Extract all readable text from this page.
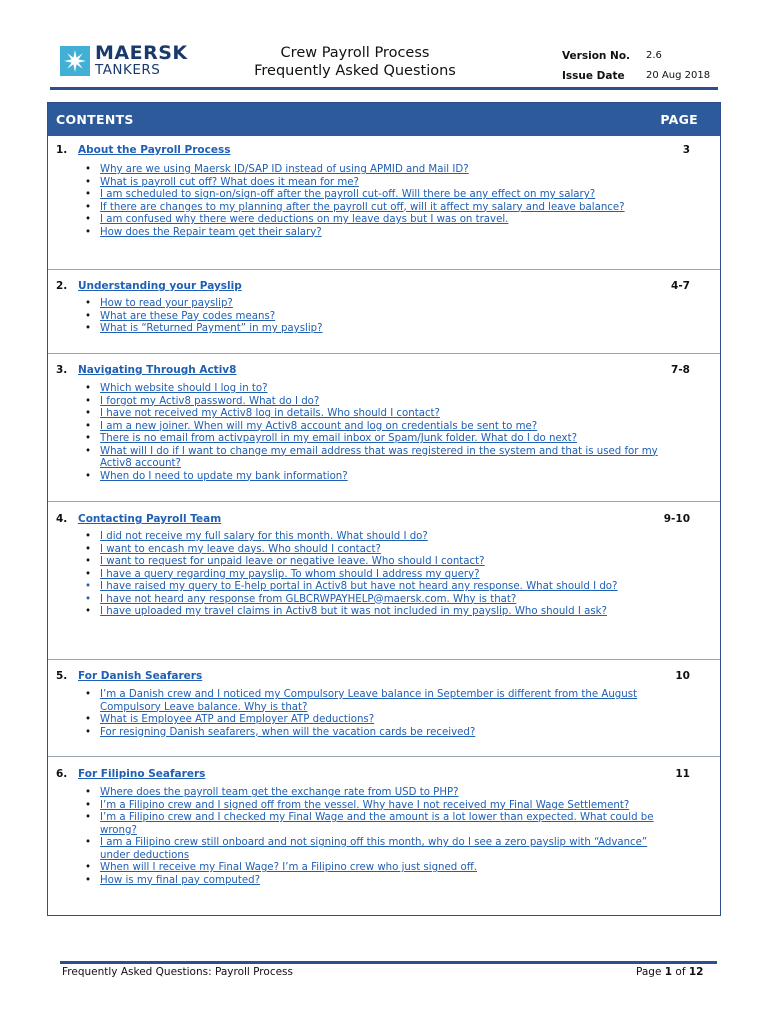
MAERSK
TANKERS
Crew Payroll Process
Frequently Asked Questions
Version No.	2.6
Issue Date	20 Aug 2018
CONTENTS	PAGE
1. About the Payroll Process	3
• Why are we using Maersk ID/SAP ID instead of using APMID and Mail ID?
• What is payroll cut off? What does it mean for me?
• I am scheduled to sign-on/sign-off after the payroll cut-off. Will there be any effect on my salary?
• If there are changes to my planning after the payroll cut off, will it affect my salary and leave balance?
• I am confused why there were deductions on my leave days but I was on travel.
• How does the Repair team get their salary?
2. Understanding your Payslip	4-7
• How to read your payslip?
• What are these Pay codes means?
• What is “Returned Payment” in my payslip?
3. Navigating Through Activ8	7-8
• Which website should I log in to?
• I forgot my Activ8 password. What do I do?
• I have not received my Activ8 log in details. Who should I contact?
• I am a new joiner. When will my Activ8 account and log on credentials be sent to me?
• There is no email from activpayroll in my email inbox or Spam/Junk folder. What do I do next?
• What will I do if I want to change my email address that was registered in the system and that is used for my Activ8 account?
• When do I need to update my bank information?
4. Contacting Payroll Team	9-10
• I did not receive my full salary for this month. What should I do?
• I want to encash my leave days. Who should I contact?
• I want to request for unpaid leave or negative leave. Who should I contact?
• I have a query regarding my payslip. To whom should I address my query?
• I have raised my query to E-help portal in Activ8 but have not heard any response. What should I do?
• I have not heard any response from GLBCRWPAYHELP@maersk.com. Why is that?
• I have uploaded my travel claims in Activ8 but it was not included in my payslip. Who should I ask?
5. For Danish Seafarers	10
• I’m a Danish crew and I noticed my Compulsory Leave balance in September is different from the August Compulsory Leave balance. Why is that?
• What is Employee ATP and Employer ATP deductions?
• For resigning Danish seafarers, when will the vacation cards be received?
6. For Filipino Seafarers	11
• Where does the payroll team get the exchange rate from USD to PHP?
• I’m a Filipino crew and I signed off from the vessel. Why have I not received my Final Wage Settlement?
• I’m a Filipino crew and I checked my Final Wage and the amount is a lot lower than expected. What could be wrong?
• I am a Filipino crew still onboard and not signing off this month, why do I see a zero payslip with “Advance” under deductions
• When will I receive my Final Wage? I’m a Filipino crew who just signed off.
• How is my final pay computed?
Frequently Asked Questions: Payroll Process	Page 1 of 12
